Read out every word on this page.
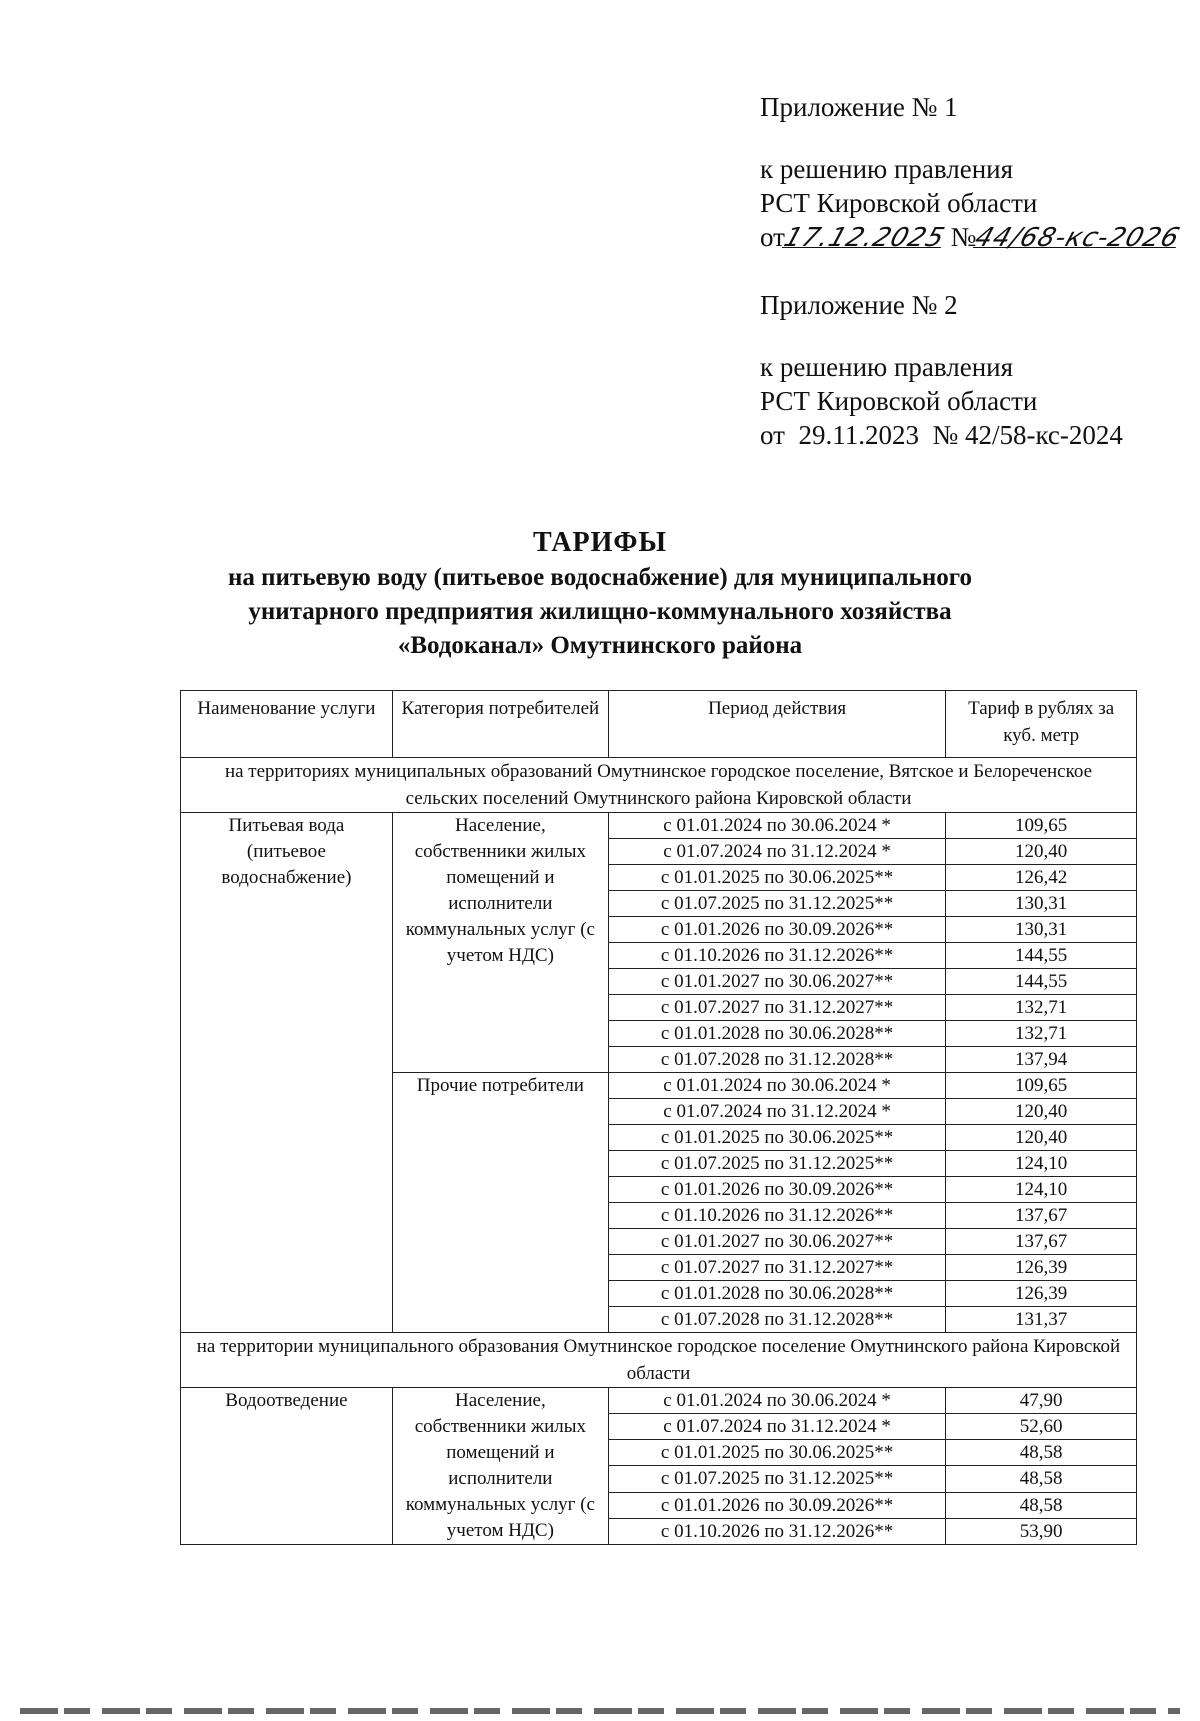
Приложение № 1
к решению правления
РСТ Кировской области
от17.12.2025 №44/68-кс-2026
Приложение № 2
к решению правления
РСТ Кировской области
от  29.11.2023  № 42/58-кс-2024
ТАРИФЫ
на питьевую воду (питьевое водоснабжение) для муниципального
унитарного предприятия жилищно-коммунального хозяйства
«Водоканал» Омутнинского района
Наименование услуги	Категория потребителей	Период действия	Тариф в рублях за куб. метр
на территориях муниципальных образований Омутнинское городское поселение, Вятское и Белореченское сельских поселений Омутнинского района Кировской области			
Питьевая вода (питьевое водоснабжение)	Население, собственники жилых помещений и исполнители коммунальных услуг (с учетом НДС)	с 01.01.2024 по 30.06.2024 *	109,65
		с 01.07.2024 по 31.12.2024 *	120,40
		с 01.01.2025 по 30.06.2025**	126,42
		с 01.07.2025 по 31.12.2025**	130,31
		с 01.01.2026 по 30.09.2026**	130,31
		с 01.10.2026 по 31.12.2026**	144,55
		с 01.01.2027 по 30.06.2027**	144,55
		с 01.07.2027 по 31.12.2027**	132,71
		с 01.01.2028 по 30.06.2028**	132,71
		с 01.07.2028 по 31.12.2028**	137,94
	Прочие потребители	с 01.01.2024 по 30.06.2024 *	109,65
		с 01.07.2024 по 31.12.2024 *	120,40
		с 01.01.2025 по 30.06.2025**	120,40
		с 01.07.2025 по 31.12.2025**	124,10
		с 01.01.2026 по 30.09.2026**	124,10
		с 01.10.2026 по 31.12.2026**	137,67
		с 01.01.2027 по 30.06.2027**	137,67
		с 01.07.2027 по 31.12.2027**	126,39
		с 01.01.2028 по 30.06.2028**	126,39
		с 01.07.2028 по 31.12.2028**	131,37
на территории муниципального образования Омутнинское городское поселение Омутнинского района Кировской области			
Водоотведение	Население, собственники жилых помещений и исполнители коммунальных услуг (с учетом НДС)	с 01.01.2024 по 30.06.2024 *	47,90
		с 01.07.2024 по 31.12.2024 *	52,60
		с 01.01.2025 по 30.06.2025**	48,58
		с 01.07.2025 по 31.12.2025**	48,58
		с 01.01.2026 по 30.09.2026**	48,58
		с 01.10.2026 по 31.12.2026**	53,90
